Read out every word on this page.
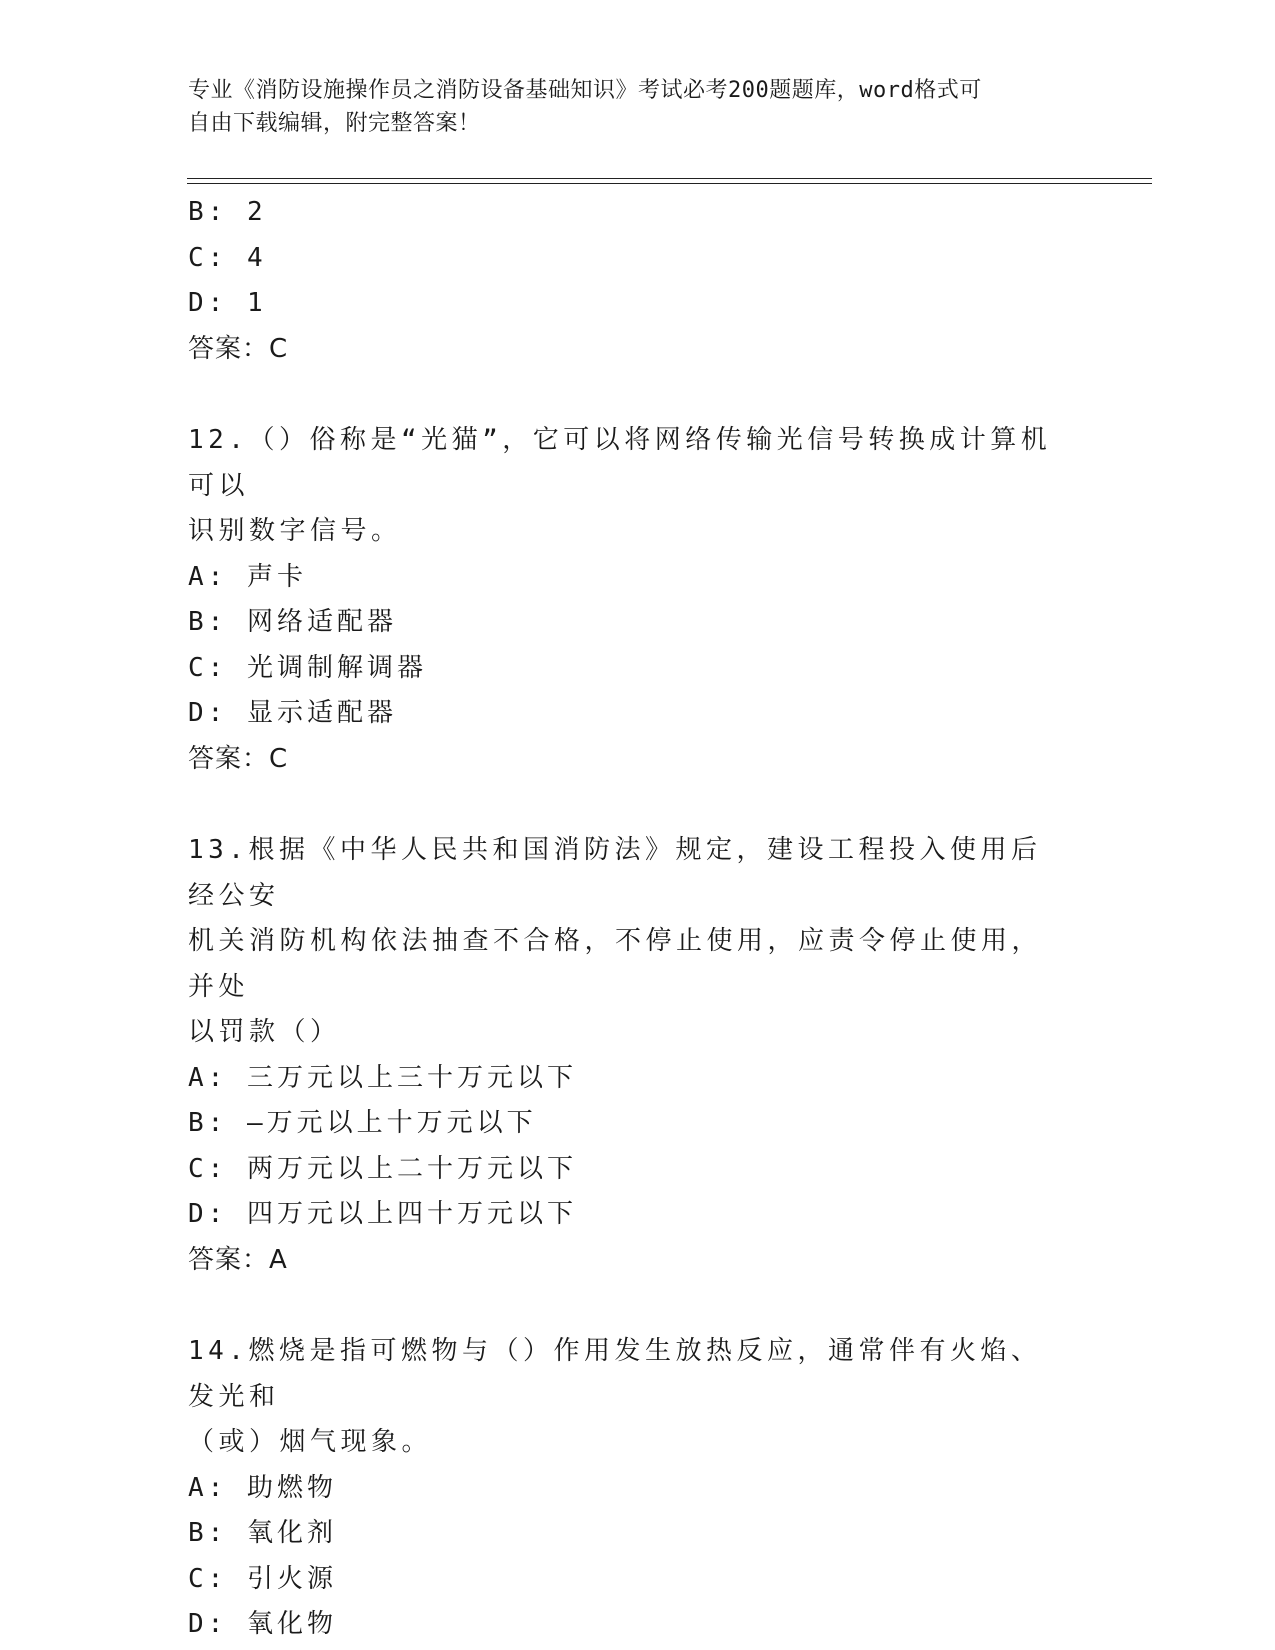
专业《消防设施操作员之消防设备基础知识》考试必考200题题库，word格式可
自由下载编辑，附完整答案！
B: 2
C: 4
D: 1
答案：C
12.（）俗称是“光猫”，它可以将网络传输光信号转换成计算机可以
识别数字信号。
A: 声卡
B: 网络适配器
C: 光调制解调器
D: 显示适配器
答案：C
13.根据《中华人民共和国消防法》规定，建设工程投入使用后经公安
机关消防机构依法抽查不合格，不停止使用，应责令停止使用，并处
以罚款（）
A: 三万元以上三十万元以下
B: —万元以上十万元以下
C: 两万元以上二十万元以下
D: 四万元以上四十万元以下
答案：A
14.燃烧是指可燃物与（）作用发生放热反应，通常伴有火焰、发光和
（或）烟气现象。
A: 助燃物
B: 氧化剂
C: 引火源
D: 氧化物
